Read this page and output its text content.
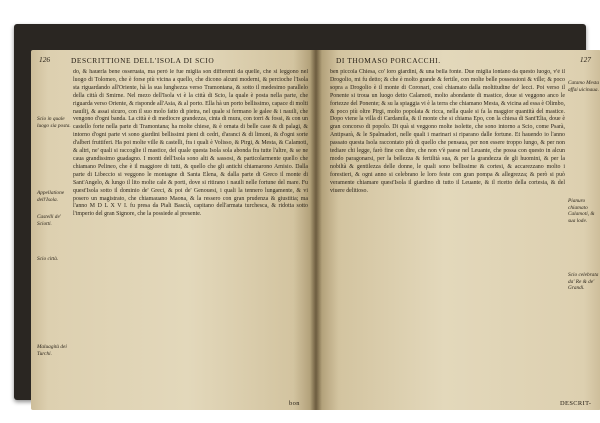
126	DESCRITTIONE DELL'ISOLA DI SCIO
Scio in quale luogo sia posta.
Appellatione dell'Isola.
Castelli de' Sciotti.
Scio città.
Maluagità dei Turchi.
do, & hauerla bene osseruata, ma però le fue miglia son differenti da quelle, che si leggono nel luogo di Tolomeo, che è forse più vicina a quello, che dicono alcuni moderni, & percioche l'Isola sta riguardando all'Oriente, hà la sua lunghezza verso Tramontana, & sotto il medesimo parallelo della città di Smirne. Nel mezo dell'Isola vi è la città di Scio, la quale è posta nella parte, che riguarda verso Oriente, & risponde all'Asia, & al porto. Ella hà un porto bellissimo, capace di molti nauilij, & assai sicuro, con il suo molo fatto di pietra, nel quale si fermano le galee & i nauili, che vengono d'ogni banda. La città è di mediocre grandezza, cinta di mura, con torri & fossi, & con un castello forte nella parte di Tramontana; ha molte chiese, & è ornata di belle case & di palagi, & intorno d'ogni parte vi sono giardini bellissimi pieni di cedri, d'aranci & di limoni, & d'ogni sorte d'alberi fruttiferi. Ha poi molte ville & castelli, fra i quali è Volisso, & Pirgi, & Mesta, & Calamoti, & altri, ne' quali si raccoglie il mastice, del quale questa Isola sola abonda fra tutte l'altre, & se ne caua grandissimo guadagno. I monti dell'Isola sono alti & sassosi, & particolarmente quello che chiamano Pelineo, che è il maggiore di tutti, & quello che gli antichi chiamarono Arnisio. Dalla parte di Libeccio si veggono le montagne di Santa Elena, & dalla parte di Greco il monte di Sant'Angelo, & lungo il lito molte cale & porti, dove si ritirano i nauili nelle fortune del mare. Fu quest'Isola sotto il dominio de' Greci, & poi de' Genouesi, i quali la tennero lungamente, & vi posero un magistrato, che chiamauano Maona, & la ressero con gran prudenza & giustitia; ma l'anno M D L X V I. fu presa da Piali Bascià, capitano dell'armata turchesca, & ridotta sotto l'imperio del gran Signore, che la possiede al presente.
bon
DI THOMASO PORCACCHI.	127
ben piccola Chiesa, co' loro giardini, & una bella fonte. Due miglia lontano da questo luogo, v'è il Drogolio, mi fu detto; & che è molto grande & fertile, con molte belle possessioni & ville; & poco sopra a Drogolio è il monte di Coronari, così chiamato dalla moltitudine de' lecci. Poi verso il Ponente si troua un luogo detto Calamoti, molto abondante di mastice, doue si veggono anco le fortezze del Ponente; & su la spiaggia vi è la terra che chiamano Mesta, & vicina ad essa è Olimbo, & poco più oltre Pirgi, molto popolata & ricca, nella quale si fa la maggior quantità del mastice. Dopo viene la villa di Cardamila, & il monte che si chiama Epo, con la chiesa di Sant'Elia, doue è gran concorso di popolo. Di quà si veggono molte isolette, che sono intorno a Scio, come Psarà, Antipsarà, & le Spalmadori, nelle quali i marinari si riparano dalle fortune. Et hauendo io l'anno passato questa Isola raccontato più di quello che pensaua, per non essere troppo lungo, & per non tediare chi legge, farò fine con dire, che non v'è paese nel Leuante, che possa con questo in alcun modo paragonarsi, per la bellezza & fertilità sua, & per la grandezza de gli huomini, & per la nobiltà & gentilezza delle donne, le quali sono bellissime & cortesi, & accarezzano molto i forestieri, & ogni anno si celebrano le loro feste con gran pompa & allegrezza; & però si può veramente chiamare quest'Isola il giardino di tutto il Leuante, & il ricetto della cortesia, & del viuere delitioso.
Catamo Mesta affai uicinaua.
Pianuro chiamato Calamoti, & sua lode.
Scio celebrata da' Re & de' Grandi.
DESCRIT-
